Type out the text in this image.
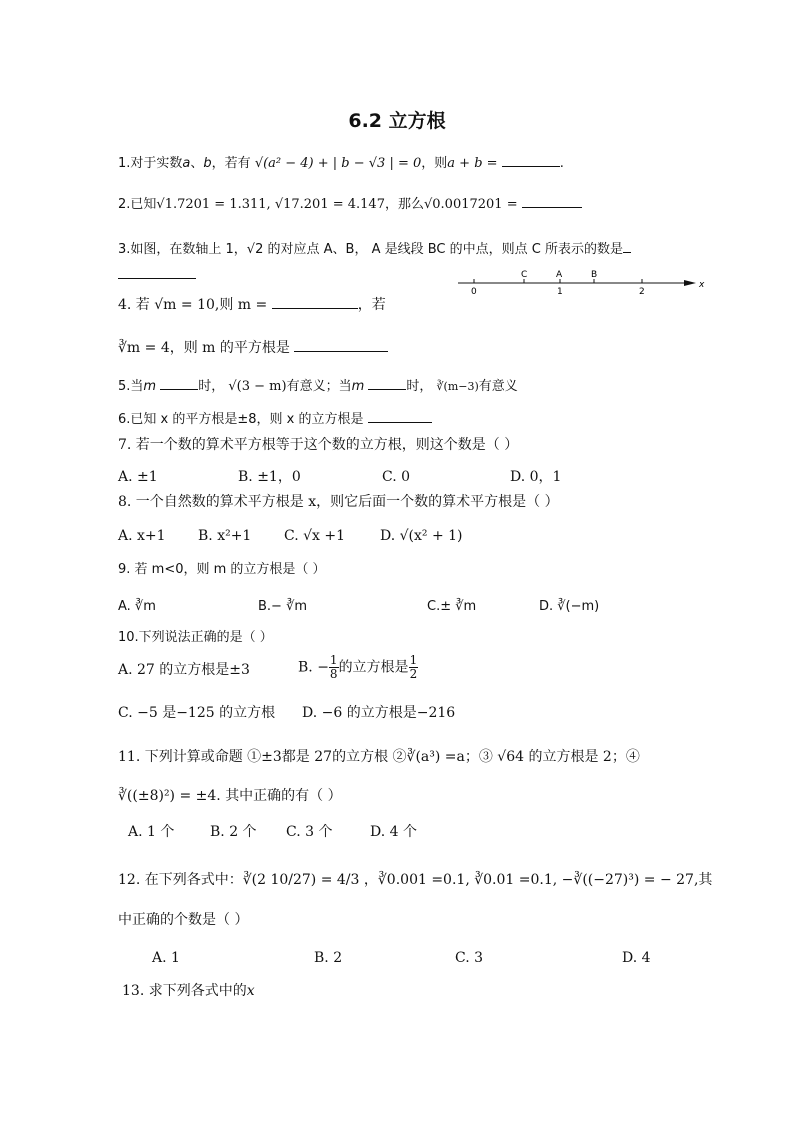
6.2 立方根
1.对于实数a、b，若有 √(a² − 4) + | b − √3 | = 0，则a + b =	.
2.已知√1.7201 = 1.311, √17.201 = 4.147，那么√0.0017201 =
3.如图，在数轴上 1，√2 的对应点 A、B， A 是线段 BC 的中点，则点 C 所表示的数是
C	A	B
0	1	2
x
4. 若 √m = 10,则 m =	，若
∛m = 4，则 m 的平方根是
5.当m	时， √(3 − m)有意义；当m	时， ∛(m−3)有意义
6.已知 x 的平方根是±8，则 x 的立方根是
7. 若一个数的算术平方根等于这个数的立方根，则这个数是（ ）
A. ±1	B. ±1，0	C. 0	D. 0，1
8. 一个自然数的算术平方根是 x，则它后面一个数的算术平方根是（ ）
A. x+1 B. x²+1 C. √x +1 D. √(x² + 1)
9. 若 m<0，则 m 的立方根是（ ）
A. ∛m	B.− ∛m	C.± ∛m	D. ∛(−m)
10.下列说法正确的是（ ）
A. 27 的立方根是±3	B. − $\frac{1}{8}$ 的立方根是 $\frac{1}{2}$
C. −5 是−125 的立方根 D. −6 的立方根是−216
11. 下列计算或命题 ①±3都是 27的立方根 ②∛(a³) =a；③ √64 的立方根是 2；④
∛((±8)²) = ±4. 其中正确的有（ ）
A. 1 个	B. 2 个 C. 3 个	D. 4 个
12. 在下列各式中：∛(2 10/27) = 4/3 ，∛0.001 =0.1, ∛0.01 =0.1, −∛((−27)³) = − 27,其
中正确的个数是（ ）
A. 1	B. 2	C. 3	D. 4
13. 求下列各式中的x
